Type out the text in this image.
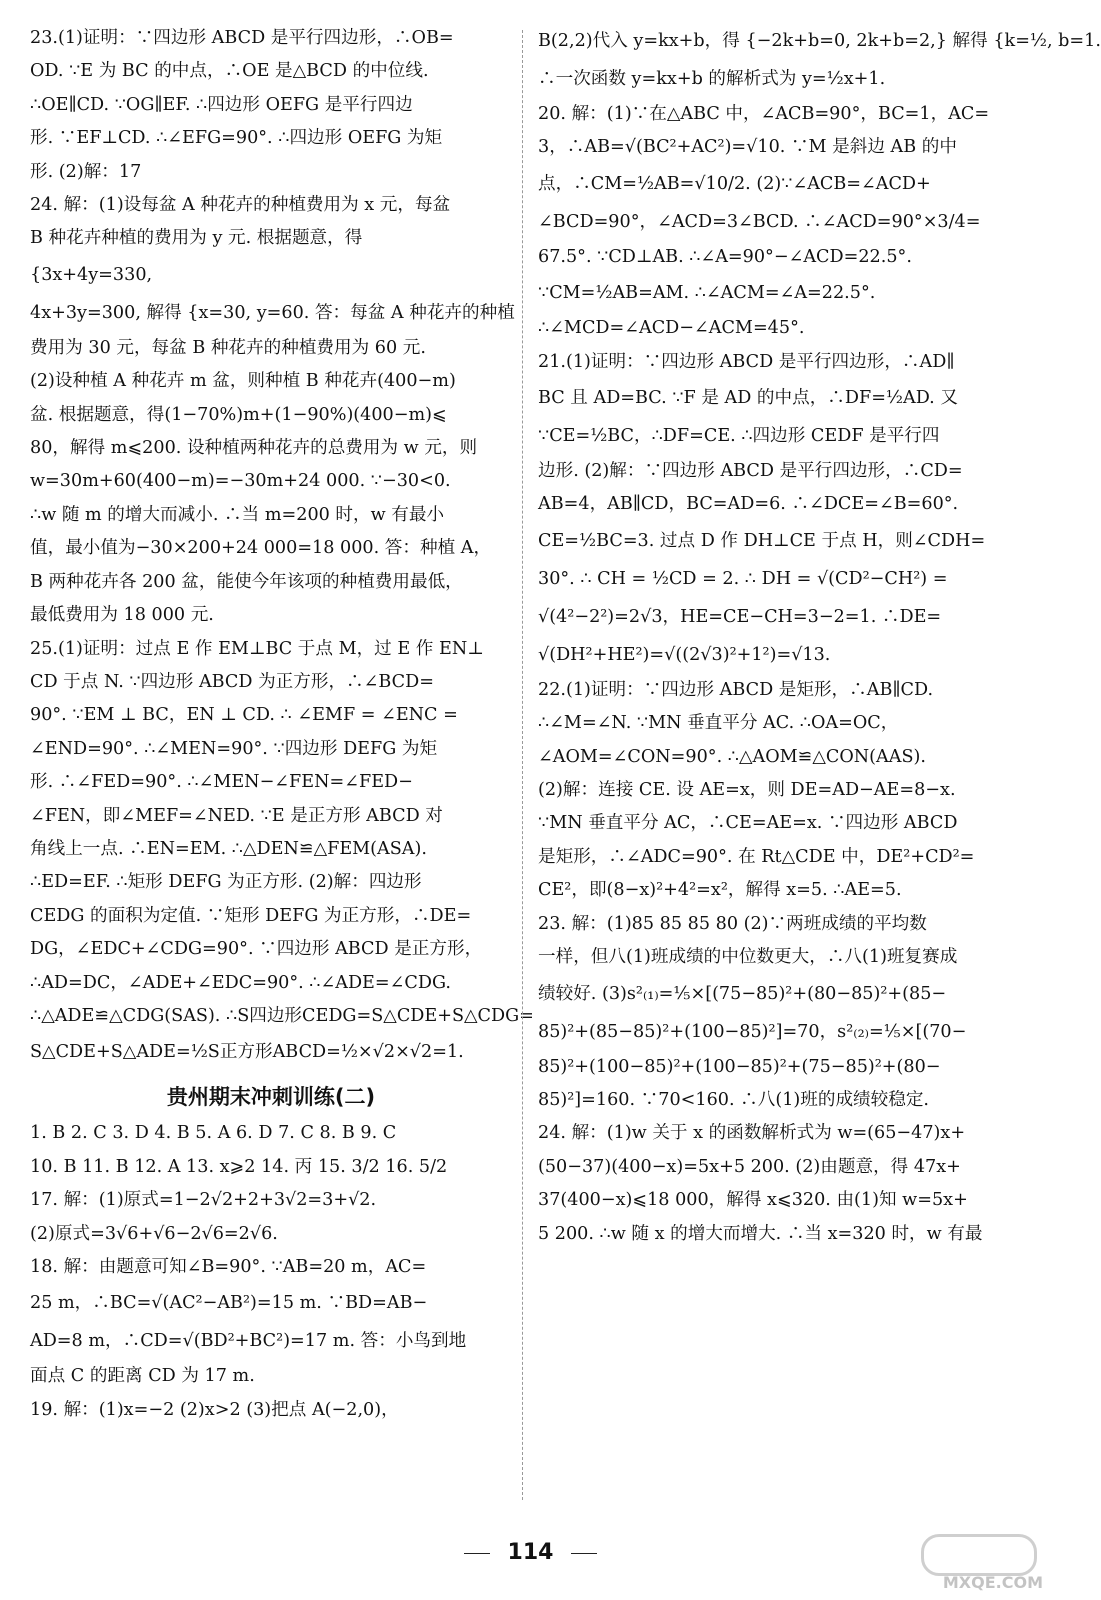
23.(1)证明：∵四边形 ABCD 是平行四边形，∴OB=
OD. ∵E 为 BC 的中点，∴OE 是△BCD 的中位线.
∴OE∥CD. ∵OG∥EF. ∴四边形 OEFG 是平行四边
形. ∵EF⊥CD. ∴∠EFG=90°. ∴四边形 OEFG 为矩
形. (2)解：17
24. 解：(1)设每盆 A 种花卉的种植费用为 x 元，每盆
B 种花卉种植的费用为 y 元. 根据题意，得
{3x+4y=330,
4x+3y=300, 解得 {x=30, y=60. 答：每盆 A 种花卉的种植
费用为 30 元，每盆 B 种花卉的种植费用为 60 元.
(2)设种植 A 种花卉 m 盆，则种植 B 种花卉(400−m)
盆. 根据题意，得(1−70%)m+(1−90%)(400−m)⩽
80，解得 m⩽200. 设种植两种花卉的总费用为 w 元，则
w=30m+60(400−m)=−30m+24 000. ∵−30<0.
∴w 随 m 的增大而减小. ∴当 m=200 时，w 有最小
值，最小值为−30×200+24 000=18 000. 答：种植 A，
B 两种花卉各 200 盆，能使今年该项的种植费用最低，
最低费用为 18 000 元.
25.(1)证明：过点 E 作 EM⊥BC 于点 M，过 E 作 EN⊥
CD 于点 N. ∵四边形 ABCD 为正方形，∴∠BCD=
90°. ∵EM ⊥ BC，EN ⊥ CD. ∴ ∠EMF = ∠ENC =
∠END=90°. ∴∠MEN=90°. ∵四边形 DEFG 为矩
形. ∴∠FED=90°. ∴∠MEN−∠FEN=∠FED−
∠FEN，即∠MEF=∠NED. ∵E 是正方形 ABCD 对
角线上一点. ∴EN=EM. ∴△DEN≌△FEM(ASA).
∴ED=EF. ∴矩形 DEFG 为正方形. (2)解：四边形
CEDG 的面积为定值. ∵矩形 DEFG 为正方形，∴DE=
DG，∠EDC+∠CDG=90°. ∵四边形 ABCD 是正方形，
∴AD=DC，∠ADE+∠EDC=90°. ∴∠ADE=∠CDG.
∴△ADE≌△CDG(SAS). ∴S四边形CEDG=S△CDE+S△CDG=
S△CDE+S△ADE=½S正方形ABCD=½×√2×√2=1.
贵州期末冲刺训练(二)
1. B 2. C 3. D 4. B 5. A 6. D 7. C 8. B 9. C
10. B 11. B 12. A 13. x⩾2 14. 丙 15. 3/2 16. 5/2
17. 解：(1)原式=1−2√2+2+3√2=3+√2.
(2)原式=3√6+√6−2√6=2√6.
18. 解：由题意可知∠B=90°. ∵AB=20 m，AC=
25 m，∴BC=√(AC²−AB²)=15 m. ∵BD=AB−
AD=8 m，∴CD=√(BD²+BC²)=17 m. 答：小鸟到地
面点 C 的距离 CD 为 17 m.
19. 解：(1)x=−2 (2)x>2 (3)把点 A(−2,0)，
B(2,2)代入 y=kx+b，得 {−2k+b=0, 2k+b=2,} 解得 {k=½, b=1.
∴一次函数 y=kx+b 的解析式为 y=½x+1.
20. 解：(1)∵在△ABC 中，∠ACB=90°，BC=1，AC=
3，∴AB=√(BC²+AC²)=√10. ∵M 是斜边 AB 的中
点，∴CM=½AB=√10/2. (2)∵∠ACB=∠ACD+
∠BCD=90°，∠ACD=3∠BCD. ∴∠ACD=90°×3/4=
67.5°. ∵CD⊥AB. ∴∠A=90°−∠ACD=22.5°.
∵CM=½AB=AM. ∴∠ACM=∠A=22.5°.
∴∠MCD=∠ACD−∠ACM=45°.
21.(1)证明：∵四边形 ABCD 是平行四边形，∴AD∥
BC 且 AD=BC. ∵F 是 AD 的中点，∴DF=½AD. 又
∵CE=½BC，∴DF=CE. ∴四边形 CEDF 是平行四
边形. (2)解：∵四边形 ABCD 是平行四边形，∴CD=
AB=4，AB∥CD，BC=AD=6. ∴∠DCE=∠B=60°.
CE=½BC=3. 过点 D 作 DH⊥CE 于点 H，则∠CDH=
30°. ∴ CH = ½CD = 2. ∴ DH = √(CD²−CH²) =
√(4²−2²)=2√3，HE=CE−CH=3−2=1. ∴DE=
√(DH²+HE²)=√((2√3)²+1²)=√13.
22.(1)证明：∵四边形 ABCD 是矩形，∴AB∥CD.
∴∠M=∠N. ∵MN 垂直平分 AC. ∴OA=OC，
∠AOM=∠CON=90°. ∴△AOM≌△CON(AAS).
(2)解：连接 CE. 设 AE=x，则 DE=AD−AE=8−x.
∵MN 垂直平分 AC，∴CE=AE=x. ∵四边形 ABCD
是矩形，∴∠ADC=90°. 在 Rt△CDE 中，DE²+CD²=
CE²，即(8−x)²+4²=x²，解得 x=5. ∴AE=5.
23. 解：(1)85 85 85 80 (2)∵两班成绩的平均数
一样，但八(1)班成绩的中位数更大，∴八(1)班复赛成
绩较好. (3)s²₍₁₎=⅕×[(75−85)²+(80−85)²+(85−
85)²+(85−85)²+(100−85)²]=70，s²₍₂₎=⅕×[(70−
85)²+(100−85)²+(100−85)²+(75−85)²+(80−
85)²]=160. ∵70<160. ∴八(1)班的成绩较稳定.
24. 解：(1)w 关于 x 的函数解析式为 w=(65−47)x+
(50−37)(400−x)=5x+5 200. (2)由题意，得 47x+
37(400−x)⩽18 000，解得 x⩽320. 由(1)知 w=5x+
5 200. ∴w 随 x 的增大而增大. ∴当 x=320 时，w 有最
114
MXQE.COM
